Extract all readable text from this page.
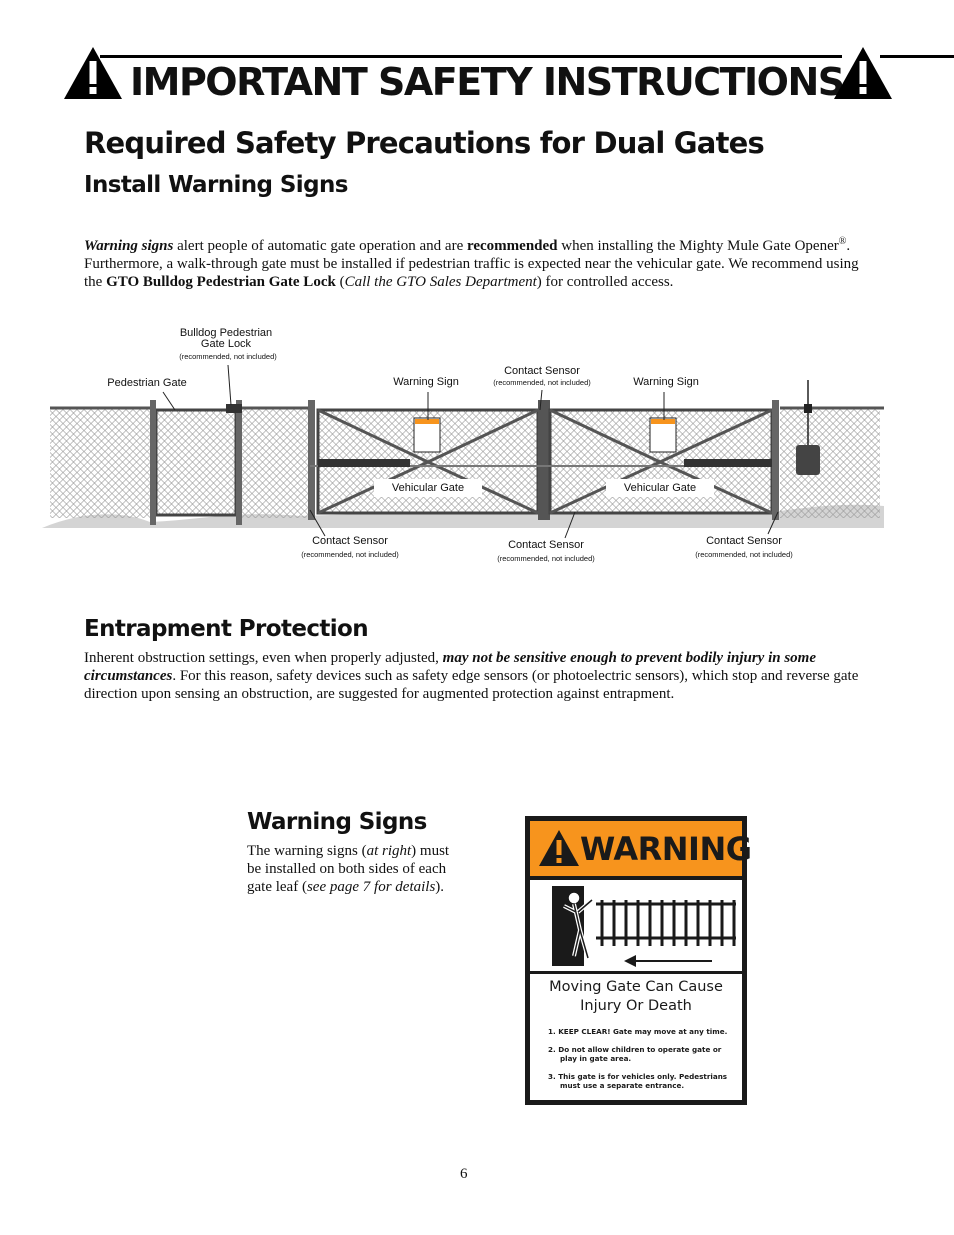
IMPORTANT SAFETY INSTRUCTIONS
Required Safety Precautions for Dual Gates
Install Warning Signs

Warning signs alert people of automatic gate operation and are recommended when installing the Mighty Mule Gate Opener®. Furthermore, a walk-through gate must be installed if pedestrian traffic is expected near the vehicular gate. We recommend using the GTO Bulldog Pedestrian Gate Lock (Call the GTO Sales Department) for controlled access.

Bulldog Pedestrian
Gate Lock
(recommended, not included)
Pedestrian Gate	Warning Sign
Contact Sensor
(recommended, not included)	Warning Sign
Vehicular Gate	Vehicular Gate
Contact Sensor
(recommended, not included)
Contact Sensor
(recommended, not included)
Contact Sensor
(recommended, not included)
Entrapment Protection

Inherent obstruction settings, even when properly adjusted, may not be sensitive enough to prevent bodily injury in some circumstances. For this reason, safety devices such as safety edge sensors (or photoelectric sensors), which stop and reverse gate direction upon sensing an obstruction, are suggested for augmented protection against entrapment.

Warning Signs

The warning signs (at right) must be installed on both sides of each gate leaf (see page 7 for details).

WARNING
Moving Gate Can Cause
Injury Or Death
1. KEEP CLEAR! Gate may move at any time.
2. Do not allow children to operate gate or play in gate area.
3. This gate is for vehicles only. Pedestrians must use a separate entrance.
6
